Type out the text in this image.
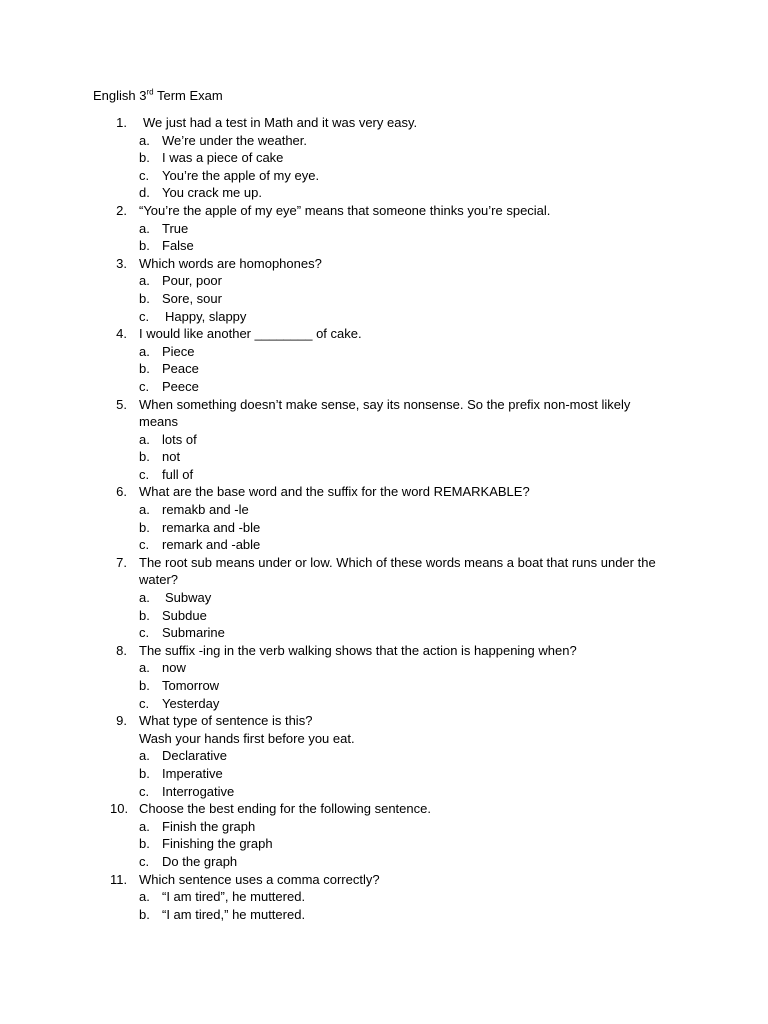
English 3rd Term Exam
1. We just had a test in Math and it was very easy.
a. We’re under the weather.
b. I was a piece of cake
c. You’re the apple of my eye.
d. You crack me up.
2. “You’re the apple of my eye” means that someone thinks you’re special.
a. True
b. False
3. Which words are homophones?
a. Pour, poor
b. Sore, sour
c. Happy, slappy
4. I would like another ________ of cake.
a. Piece
b. Peace
c. Peece
5. When something doesn’t make sense, say its nonsense. So the prefix non-most likely
means
a. lots of
b. not
c. full of
6. What are the base word and the suffix for the word REMARKABLE?
a. remakb and -le
b. remarka and -ble
c. remark and -able
7. The root sub means under or low. Which of these words means a boat that runs under the
water?
a. Subway
b. Subdue
c. Submarine
8. The suffix -ing in the verb walking shows that the action is happening when?
a. now
b. Tomorrow
c. Yesterday
9. What type of sentence is this?
Wash your hands first before you eat.
a. Declarative
b. Imperative
c. Interrogative
10. Choose the best ending for the following sentence.
a. Finish the graph
b. Finishing the graph
c. Do the graph
11. Which sentence uses a comma correctly?
a. “I am tired”, he muttered.
b. “I am tired,” he muttered.
